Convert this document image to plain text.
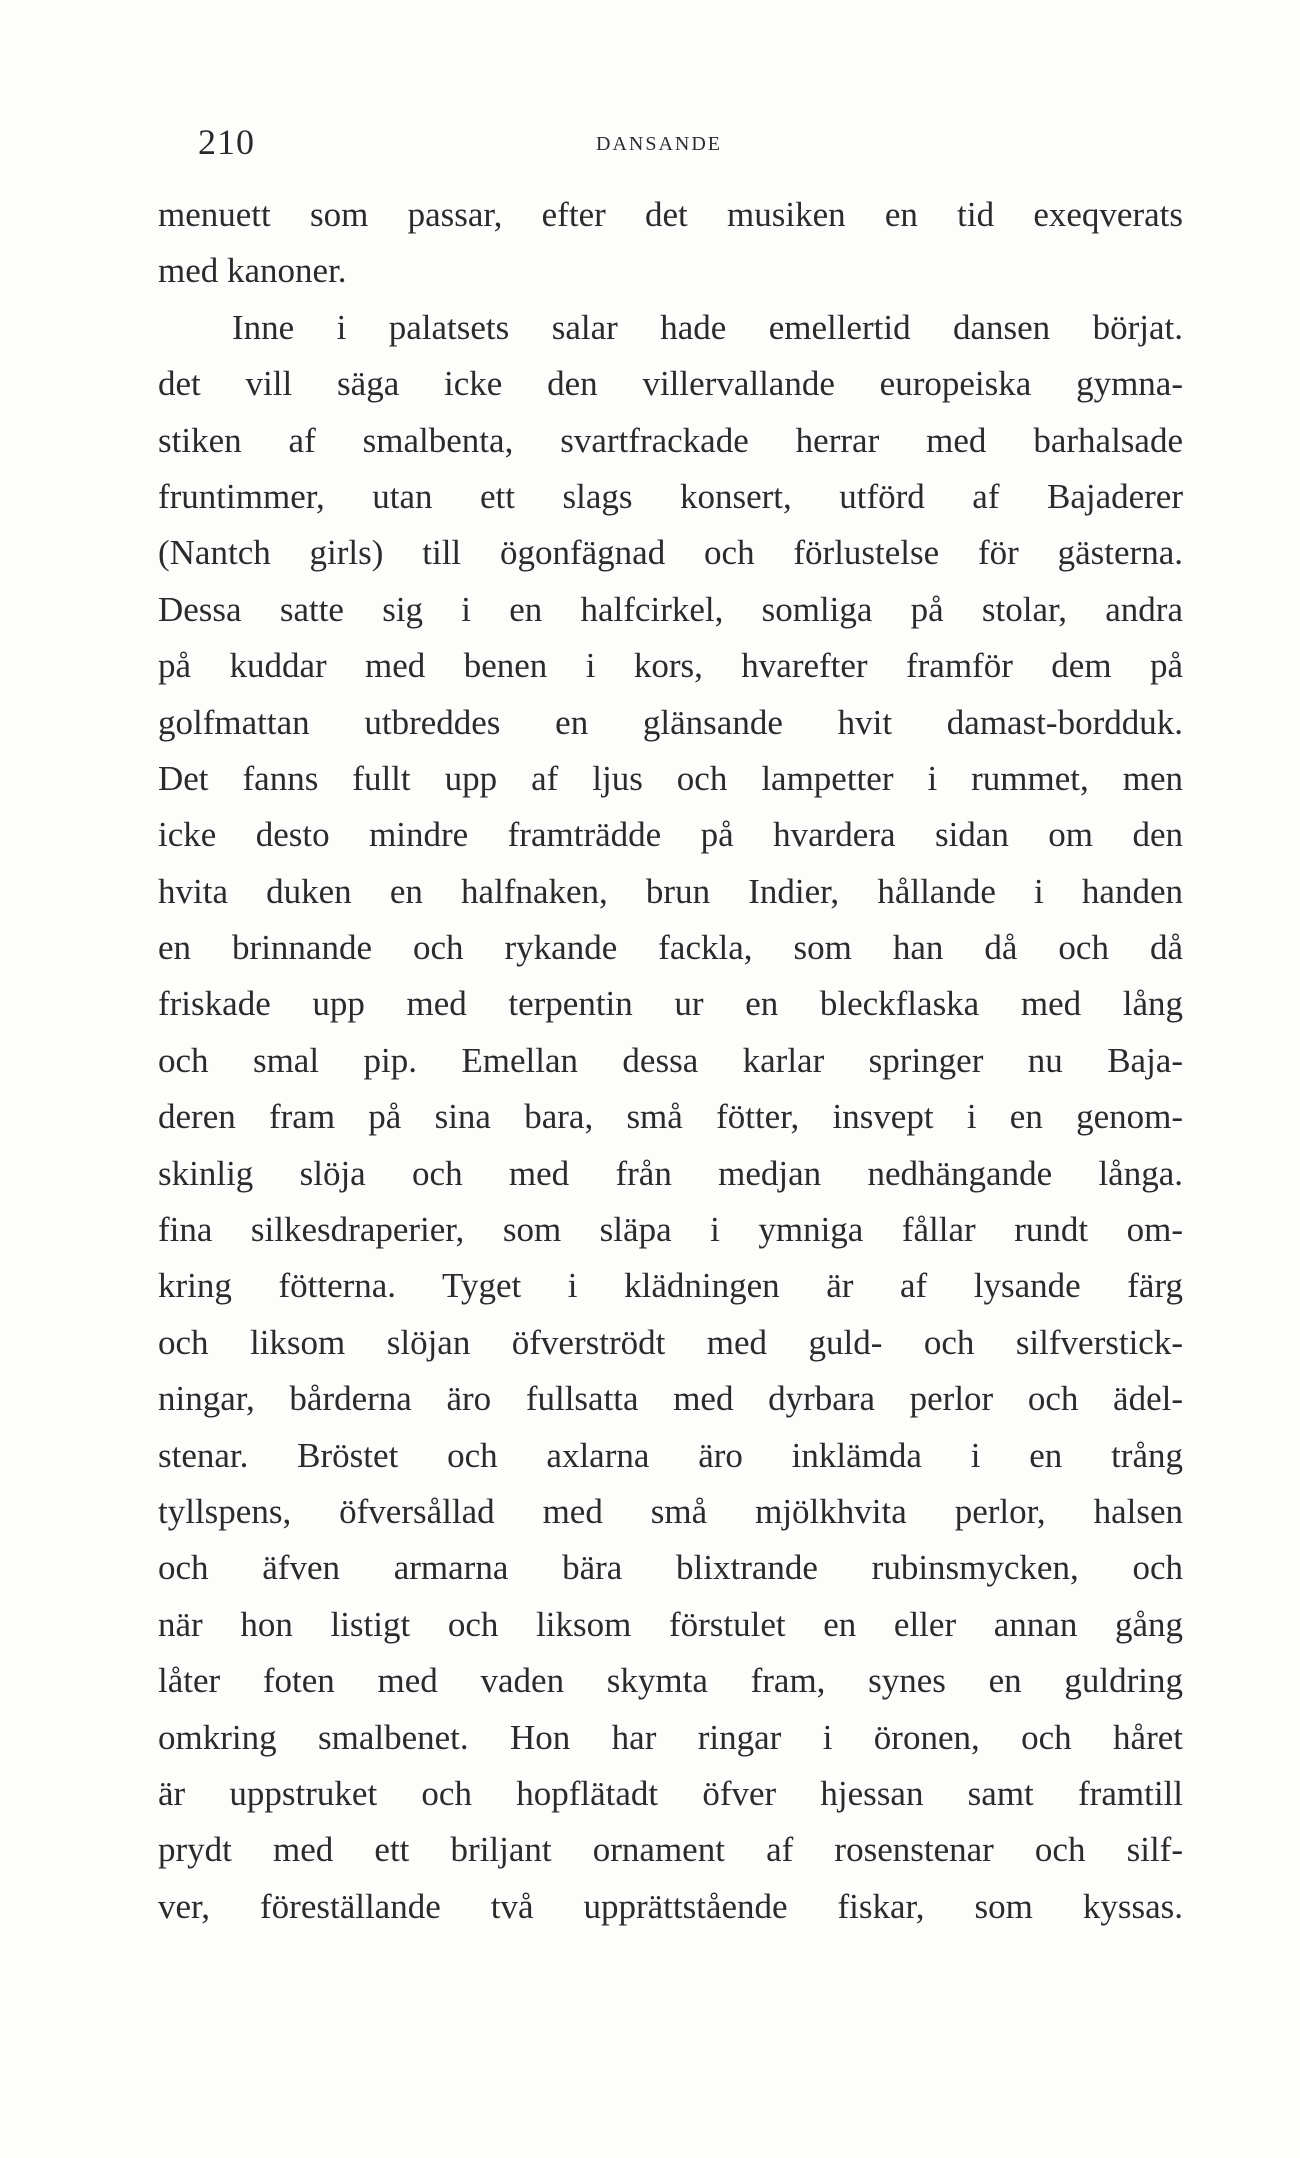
210	DANSANDE
menuett som passar, efter det musiken en tid exeqverats
med kanoner.
Inne i palatsets salar hade emellertid dansen börjat.
det vill säga icke den villervallande europeiska gymna-
stiken af smalbenta, svartfrackade herrar med barhalsade
fruntimmer, utan ett slags konsert, utförd af Bajaderer
(Nantch girls) till ögonfägnad och förlustelse för gästerna.
Dessa satte sig i en halfcirkel, somliga på stolar, andra
på kuddar med benen i kors, hvarefter framför dem på
golfmattan utbreddes en glänsande hvit damast-bordduk.
Det fanns fullt upp af ljus och lampetter i rummet, men
icke desto mindre framträdde på hvardera sidan om den
hvita duken en halfnaken, brun Indier, hållande i handen
en brinnande och rykande fackla, som han då och då
friskade upp med terpentin ur en bleckflaska med lång
och smal pip. Emellan dessa karlar springer nu Baja-
deren fram på sina bara, små fötter, insvept i en genom-
skinlig slöja och med från medjan nedhängande långa.
fina silkesdraperier, som släpa i ymniga fållar rundt om-
kring fötterna. Tyget i klädningen är af lysande färg
och liksom slöjan öfverströdt med guld- och silfverstick-
ningar, bårderna äro fullsatta med dyrbara perlor och ädel-
stenar. Bröstet och axlarna äro inklämda i en trång
tyllspens, öfversållad med små mjölkhvita perlor, halsen
och äfven armarna bära blixtrande rubinsmycken, och
när hon listigt och liksom förstulet en eller annan gång
låter foten med vaden skymta fram, synes en guldring
omkring smalbenet. Hon har ringar i öronen, och håret
är uppstruket och hopflätadt öfver hjessan samt framtill
prydt med ett briljant ornament af rosenstenar och silf-
ver, föreställande två upprättstående fiskar, som kyssas.
